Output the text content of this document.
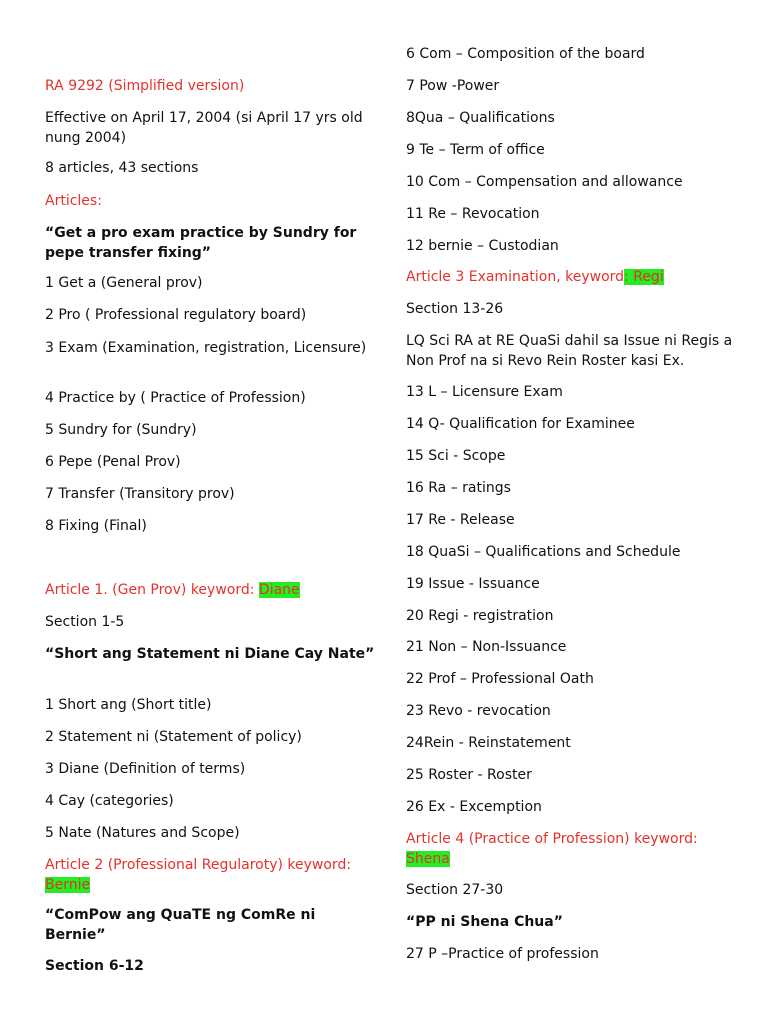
RA 9292 (Simplified version)
Effective on April 17, 2004 (si April 17 yrs old nung 2004)
8 articles, 43 sections
Articles:
“Get a pro exam practice by Sundry for pepe transfer fixing”
1 Get a (General prov)
2 Pro ( Professional regulatory board)
3 Exam (Examination, registration, Licensure)
4 Practice by ( Practice of Profession)
5 Sundry for (Sundry)
6 Pepe (Penal Prov)
7 Transfer (Transitory prov)
8 Fixing (Final)
Article 1. (Gen Prov) keyword: Diane
Section 1-5
“Short ang Statement ni Diane Cay Nate”
1 Short ang (Short title)
2 Statement ni (Statement of policy)
3 Diane (Definition of terms)
4 Cay (categories)
5 Nate (Natures and Scope)
Article 2 (Professional Regularoty) keyword: Bernie
“ComPow ang QuaTE ng ComRe ni Bernie”
Section 6-12
6 Com – Composition of the board
7 Pow -Power
8Qua – Qualifications
9 Te – Term of office
10 Com – Compensation and allowance
11 Re – Revocation
12 bernie – Custodian
Article 3 Examination, keyword: Regi
Section 13-26
LQ Sci RA at RE QuaSi dahil sa Issue ni Regis a Non Prof na si Revo Rein Roster kasi Ex.
13 L – Licensure Exam
14 Q- Qualification for Examinee
15 Sci - Scope
16 Ra – ratings
17 Re - Release
18 QuaSi – Qualifications and Schedule
19 Issue - Issuance
20 Regi - registration
21 Non – Non-Issuance
22 Prof – Professional Oath
23 Revo - revocation
24Rein - Reinstatement
25 Roster - Roster
26 Ex - Excemption
Article 4 (Practice of Profession) keyword: Shena
Section 27-30
“PP ni Shena Chua”
27 P –Practice of profession
